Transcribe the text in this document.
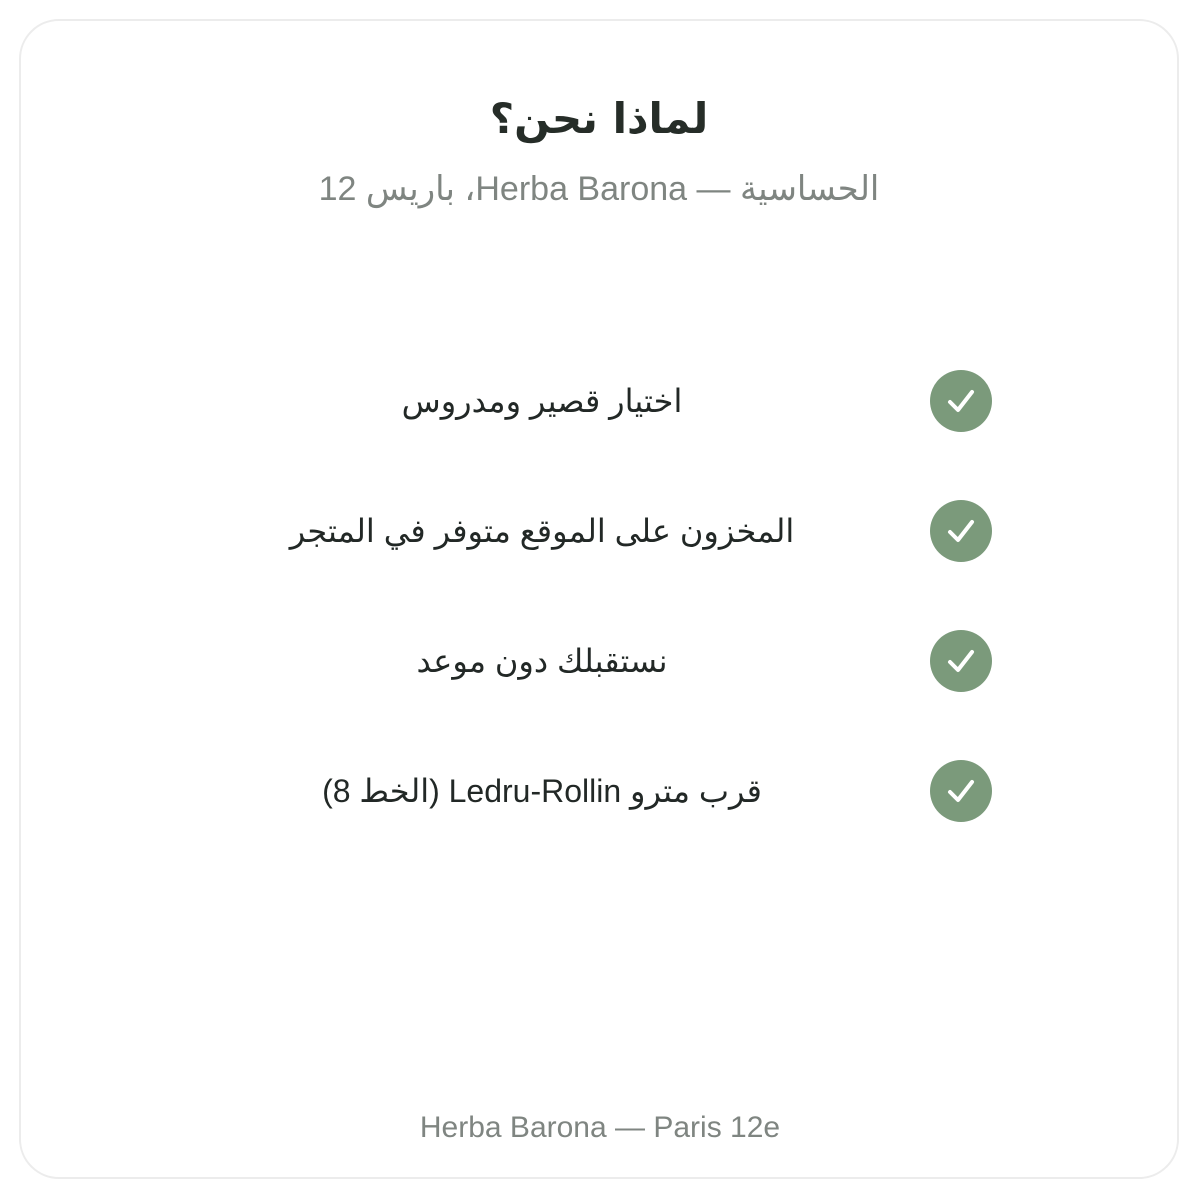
لماذا نحن؟

الحساسية — Herba Barona، باريس 12

اختيار قصير ومدروس
المخزون على الموقع متوفر في المتجر
نستقبلك دون موعد
قرب مترو Ledru-Rollin (الخط 8)
Herba Barona — Paris 12e
